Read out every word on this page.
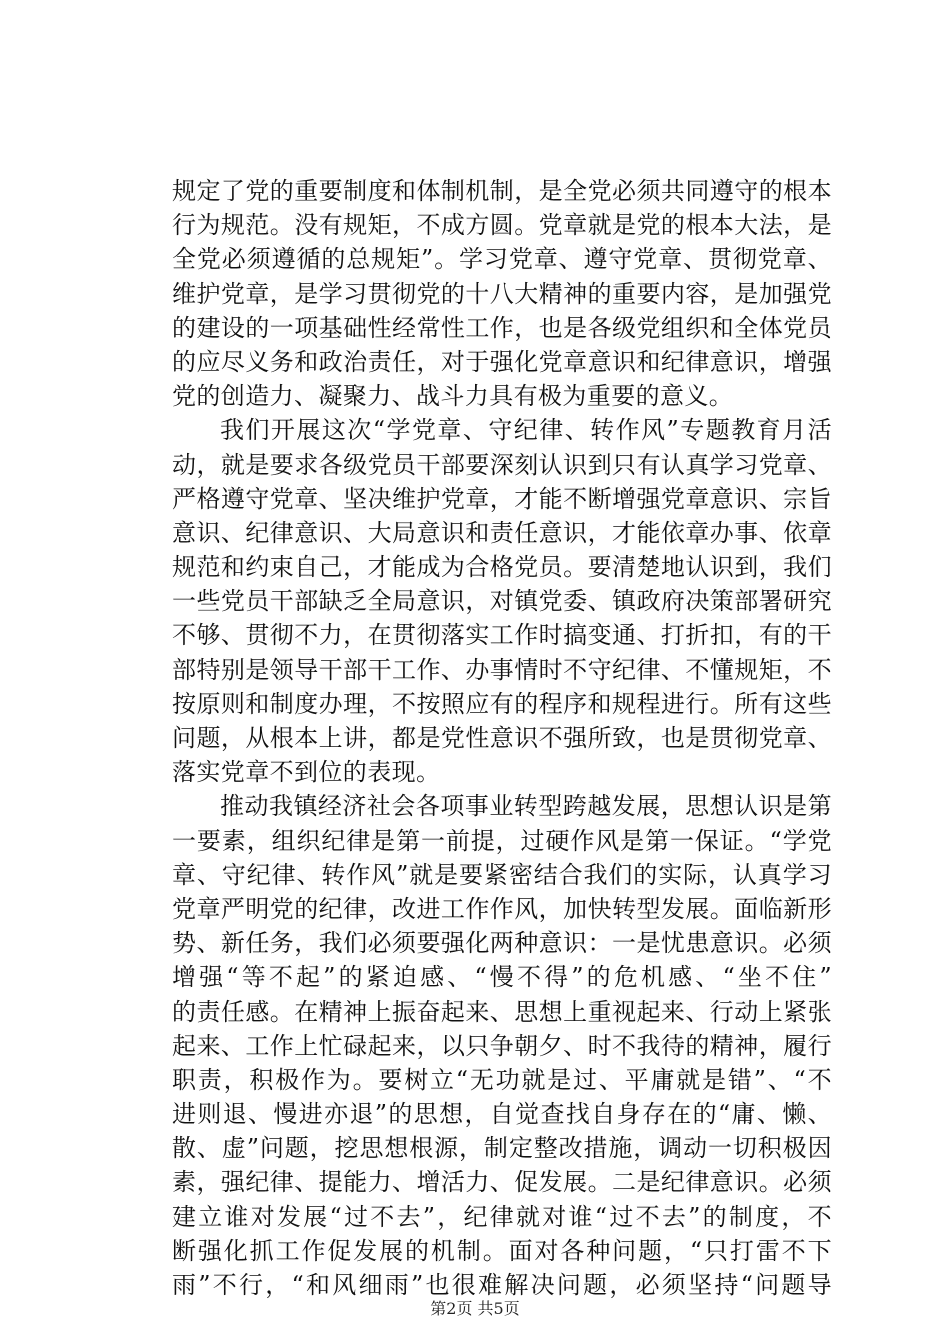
规定了党的重要制度和体制机制，是全党必须共同遵守的根本
行为规范。没有规矩，不成方圆。党章就是党的根本大法，是
全党必须遵循的总规矩”。学习党章、遵守党章、贯彻党章、
维护党章，是学习贯彻党的十八大精神的重要内容，是加强党
的建设的一项基础性经常性工作，也是各级党组织和全体党员
的应尽义务和政治责任，对于强化党章意识和纪律意识，增强
党的创造力、凝聚力、战斗力具有极为重要的意义。
我们开展这次“学党章、守纪律、转作风”专题教育月活
动，就是要求各级党员干部要深刻认识到只有认真学习党章、
严格遵守党章、坚决维护党章，才能不断增强党章意识、宗旨
意识、纪律意识、大局意识和责任意识，才能依章办事、依章
规范和约束自己，才能成为合格党员。要清楚地认识到，我们
一些党员干部缺乏全局意识，对镇党委、镇政府决策部署研究
不够、贯彻不力，在贯彻落实工作时搞变通、打折扣，有的干
部特别是领导干部干工作、办事情时不守纪律、不懂规矩，不
按原则和制度办理，不按照应有的程序和规程进行。所有这些
问题，从根本上讲，都是党性意识不强所致，也是贯彻党章、
落实党章不到位的表现。
推动我镇经济社会各项事业转型跨越发展，思想认识是第
一要素，组织纪律是第一前提，过硬作风是第一保证。“学党
章、守纪律、转作风”就是要紧密结合我们的实际，认真学习
党章严明党的纪律，改进工作作风，加快转型发展。面临新形
势、新任务，我们必须要强化两种意识：一是忧患意识。必须
增强“等不起”的紧迫感、“慢不得”的危机感、“坐不住”
的责任感。在精神上振奋起来、思想上重视起来、行动上紧张
起来、工作上忙碌起来，以只争朝夕、时不我待的精神，履行
职责，积极作为。要树立“无功就是过、平庸就是错”、“不
进则退、慢进亦退”的思想，自觉查找自身存在的“庸、懒、
散、虚”问题，挖思想根源，制定整改措施，调动一切积极因
素，强纪律、提能力、增活力、促发展。二是纪律意识。必须
建立谁对发展“过不去”，纪律就对谁“过不去”的制度，不
断强化抓工作促发展的机制。面对各种问题，“只打雷不下
雨”不行，“和风细雨”也很难解决问题，必须坚持“问题导
第2页 共5页
